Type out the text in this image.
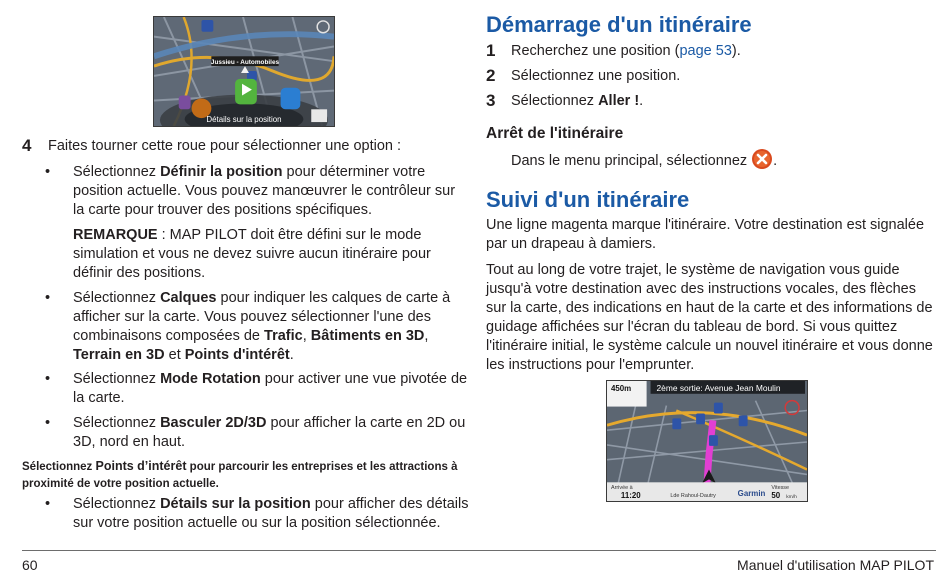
Jussieu - Automobiles
Détails sur la position
4 Faites tourner cette roue pour sélectionner une option :
• Sélectionnez Définir la position pour déterminer votre position actuelle. Vous pouvez manœuvrer le contrôleur sur la carte pour trouver des positions spécifiques.
REMARQUE : MAP PILOT doit être défini sur le mode simulation et vous ne devez suivre aucun itinéraire pour définir des positions.
• Sélectionnez Calques pour indiquer les calques de carte à afficher sur la carte. Vous pouvez sélectionner l'une des combinaisons composées de Trafic, Bâtiments en 3D, Terrain en 3D et Points d'intérêt.
• Sélectionnez Mode Rotation pour activer une vue pivotée de la carte.
• Sélectionnez Basculer 2D/3D pour afficher la carte en 2D ou 3D, nord en haut.
Sélectionnez Points d’intérêt pour parcourir les entreprises et les attractions à proximité de votre position actuelle.
• Sélectionnez Détails sur la position pour afficher des détails sur votre position actuelle ou sur la position sélectionnée.
Démarrage d'un itinéraire
1 Recherchez une position (page 53).
2 Sélectionnez une position.
3 Sélectionnez Aller !.
Arrêt de l'itinéraire
Dans le menu principal, sélectionnez .
Suivi d'un itinéraire
Une ligne magenta marque l'itinéraire. Votre destination est signalée par un drapeau à damiers.
Tout au long de votre trajet, le système de navigation vous guide jusqu'à votre destination avec des instructions vocales, des flèches sur la carte, des indications en haut de la carte et des informations de guidage affichées sur l'écran du tableau de bord. Si vous quittez l'itinéraire initial, le système calcule un nouvel itinéraire et vous donne les instructions pour l'emprunter.
450m	2ème sortie: Avenue Jean Moulin
Arrivée à
11:20	Lde Rahoul-Dautry	Garmin
Vitesse
50 km/h
60	Manuel d'utilisation MAP PILOT
